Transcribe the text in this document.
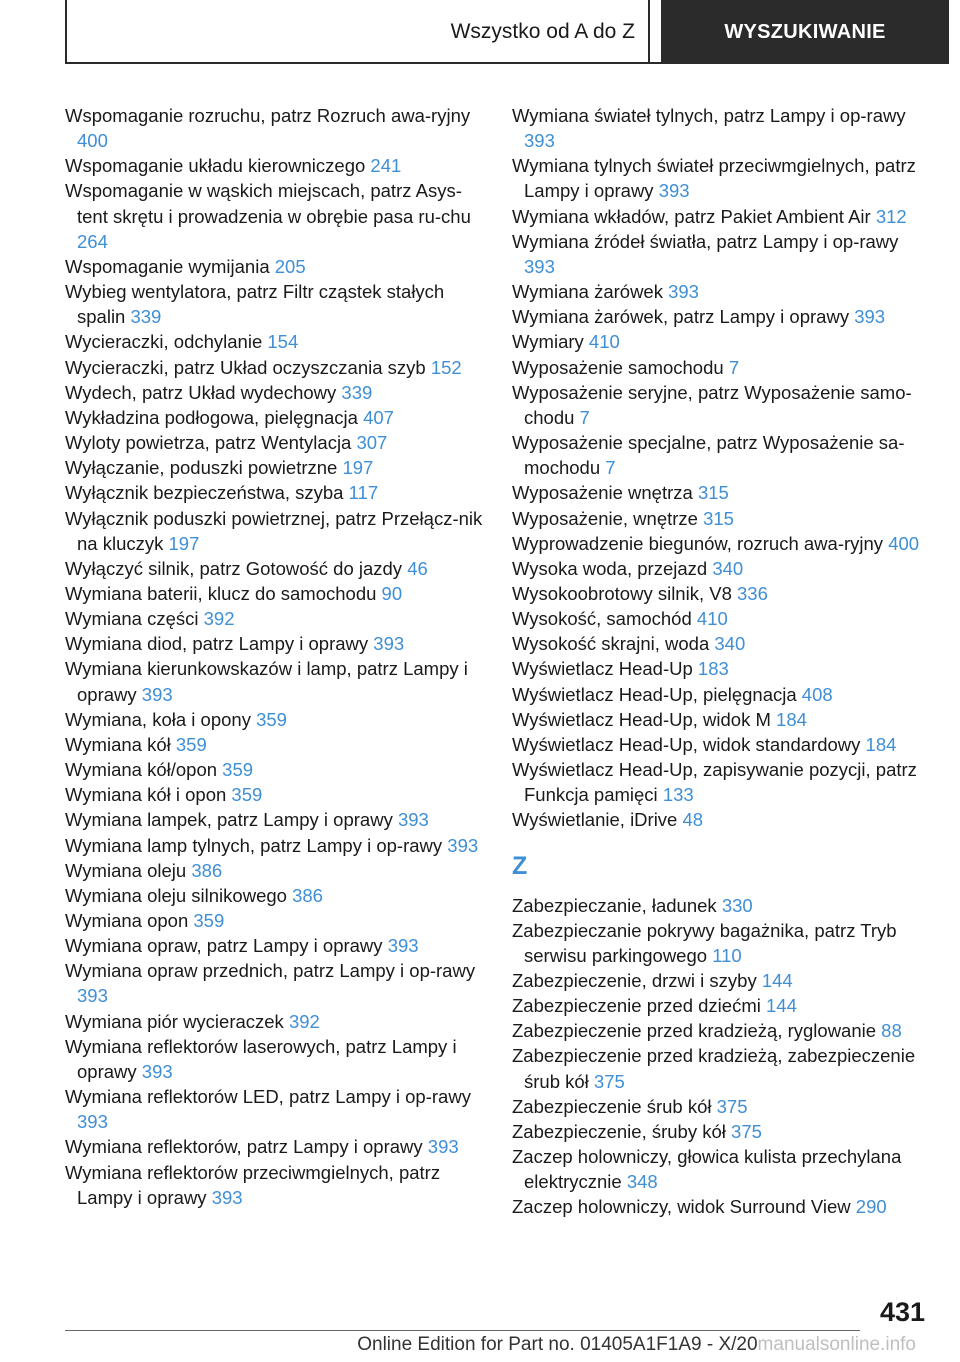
Wszystko od A do Z	WYSZUKIWANIE
Wspomaganie rozruchu, patrz Rozruch awa-ryjny 400
Wspomaganie układu kierowniczego 241
Wspomaganie w wąskich miejscach, patrz Asys-tent skrętu i prowadzenia w obrębie pasa ru-chu 264
Wspomaganie wymijania 205
Wybieg wentylatora, patrz Filtr cząstek stałych spalin 339
Wycieraczki, odchylanie 154
Wycieraczki, patrz Układ oczyszczania szyb 152
Wydech, patrz Układ wydechowy 339
Wykładzina podłogowa, pielęgnacja 407
Wyloty powietrza, patrz Wentylacja 307
Wyłączanie, poduszki powietrzne 197
Wyłącznik bezpieczeństwa, szyba 117
Wyłącznik poduszki powietrznej, patrz Przełącz-nik na kluczyk 197
Wyłączyć silnik, patrz Gotowość do jazdy 46
Wymiana baterii, klucz do samochodu 90
Wymiana części 392
Wymiana diod, patrz Lampy i oprawy 393
Wymiana kierunkowskazów i lamp, patrz Lampy i oprawy 393
Wymiana, koła i opony 359
Wymiana kół 359
Wymiana kół/opon 359
Wymiana kół i opon 359
Wymiana lampek, patrz Lampy i oprawy 393
Wymiana lamp tylnych, patrz Lampy i op-rawy 393
Wymiana oleju 386
Wymiana oleju silnikowego 386
Wymiana opon 359
Wymiana opraw, patrz Lampy i oprawy 393
Wymiana opraw przednich, patrz Lampy i op-rawy 393
Wymiana piór wycieraczek 392
Wymiana reflektorów laserowych, patrz Lampy i oprawy 393
Wymiana reflektorów LED, patrz Lampy i op-rawy 393
Wymiana reflektorów, patrz Lampy i oprawy 393
Wymiana reflektorów przeciwmgielnych, patrz Lampy i oprawy 393
Wymiana świateł tylnych, patrz Lampy i op-rawy 393
Wymiana tylnych świateł przeciwmgielnych, patrz Lampy i oprawy 393
Wymiana wkładów, patrz Pakiet Ambient Air 312
Wymiana źródeł światła, patrz Lampy i op-rawy 393
Wymiana żarówek 393
Wymiana żarówek, patrz Lampy i oprawy 393
Wymiary 410
Wyposażenie samochodu 7
Wyposażenie seryjne, patrz Wyposażenie samo-chodu 7
Wyposażenie specjalne, patrz Wyposażenie sa-mochodu 7
Wyposażenie wnętrza 315
Wyposażenie, wnętrze 315
Wyprowadzenie biegunów, rozruch awa-ryjny 400
Wysoka woda, przejazd 340
Wysokoobrotowy silnik, V8 336
Wysokość, samochód 410
Wysokość skrajni, woda 340
Wyświetlacz Head-Up 183
Wyświetlacz Head-Up, pielęgnacja 408
Wyświetlacz Head-Up, widok M 184
Wyświetlacz Head-Up, widok standardowy 184
Wyświetlacz Head-Up, zapisywanie pozycji, patrz Funkcja pamięci 133
Wyświetlanie, iDrive 48
Z
Zabezpieczanie, ładunek 330
Zabezpieczanie pokrywy bagażnika, patrz Tryb serwisu parkingowego 110
Zabezpieczenie, drzwi i szyby 144
Zabezpieczenie przed dziećmi 144
Zabezpieczenie przed kradzieżą, ryglowanie 88
Zabezpieczenie przed kradzieżą, zabezpieczenie śrub kół 375
Zabezpieczenie śrub kół 375
Zabezpieczenie, śruby kół 375
Zaczep holowniczy, głowica kulista przechylana elektrycznie 348
Zaczep holowniczy, widok Surround View 290
431
Online Edition for Part no. 01405A1F1A9 - X/20manualsonline.info
